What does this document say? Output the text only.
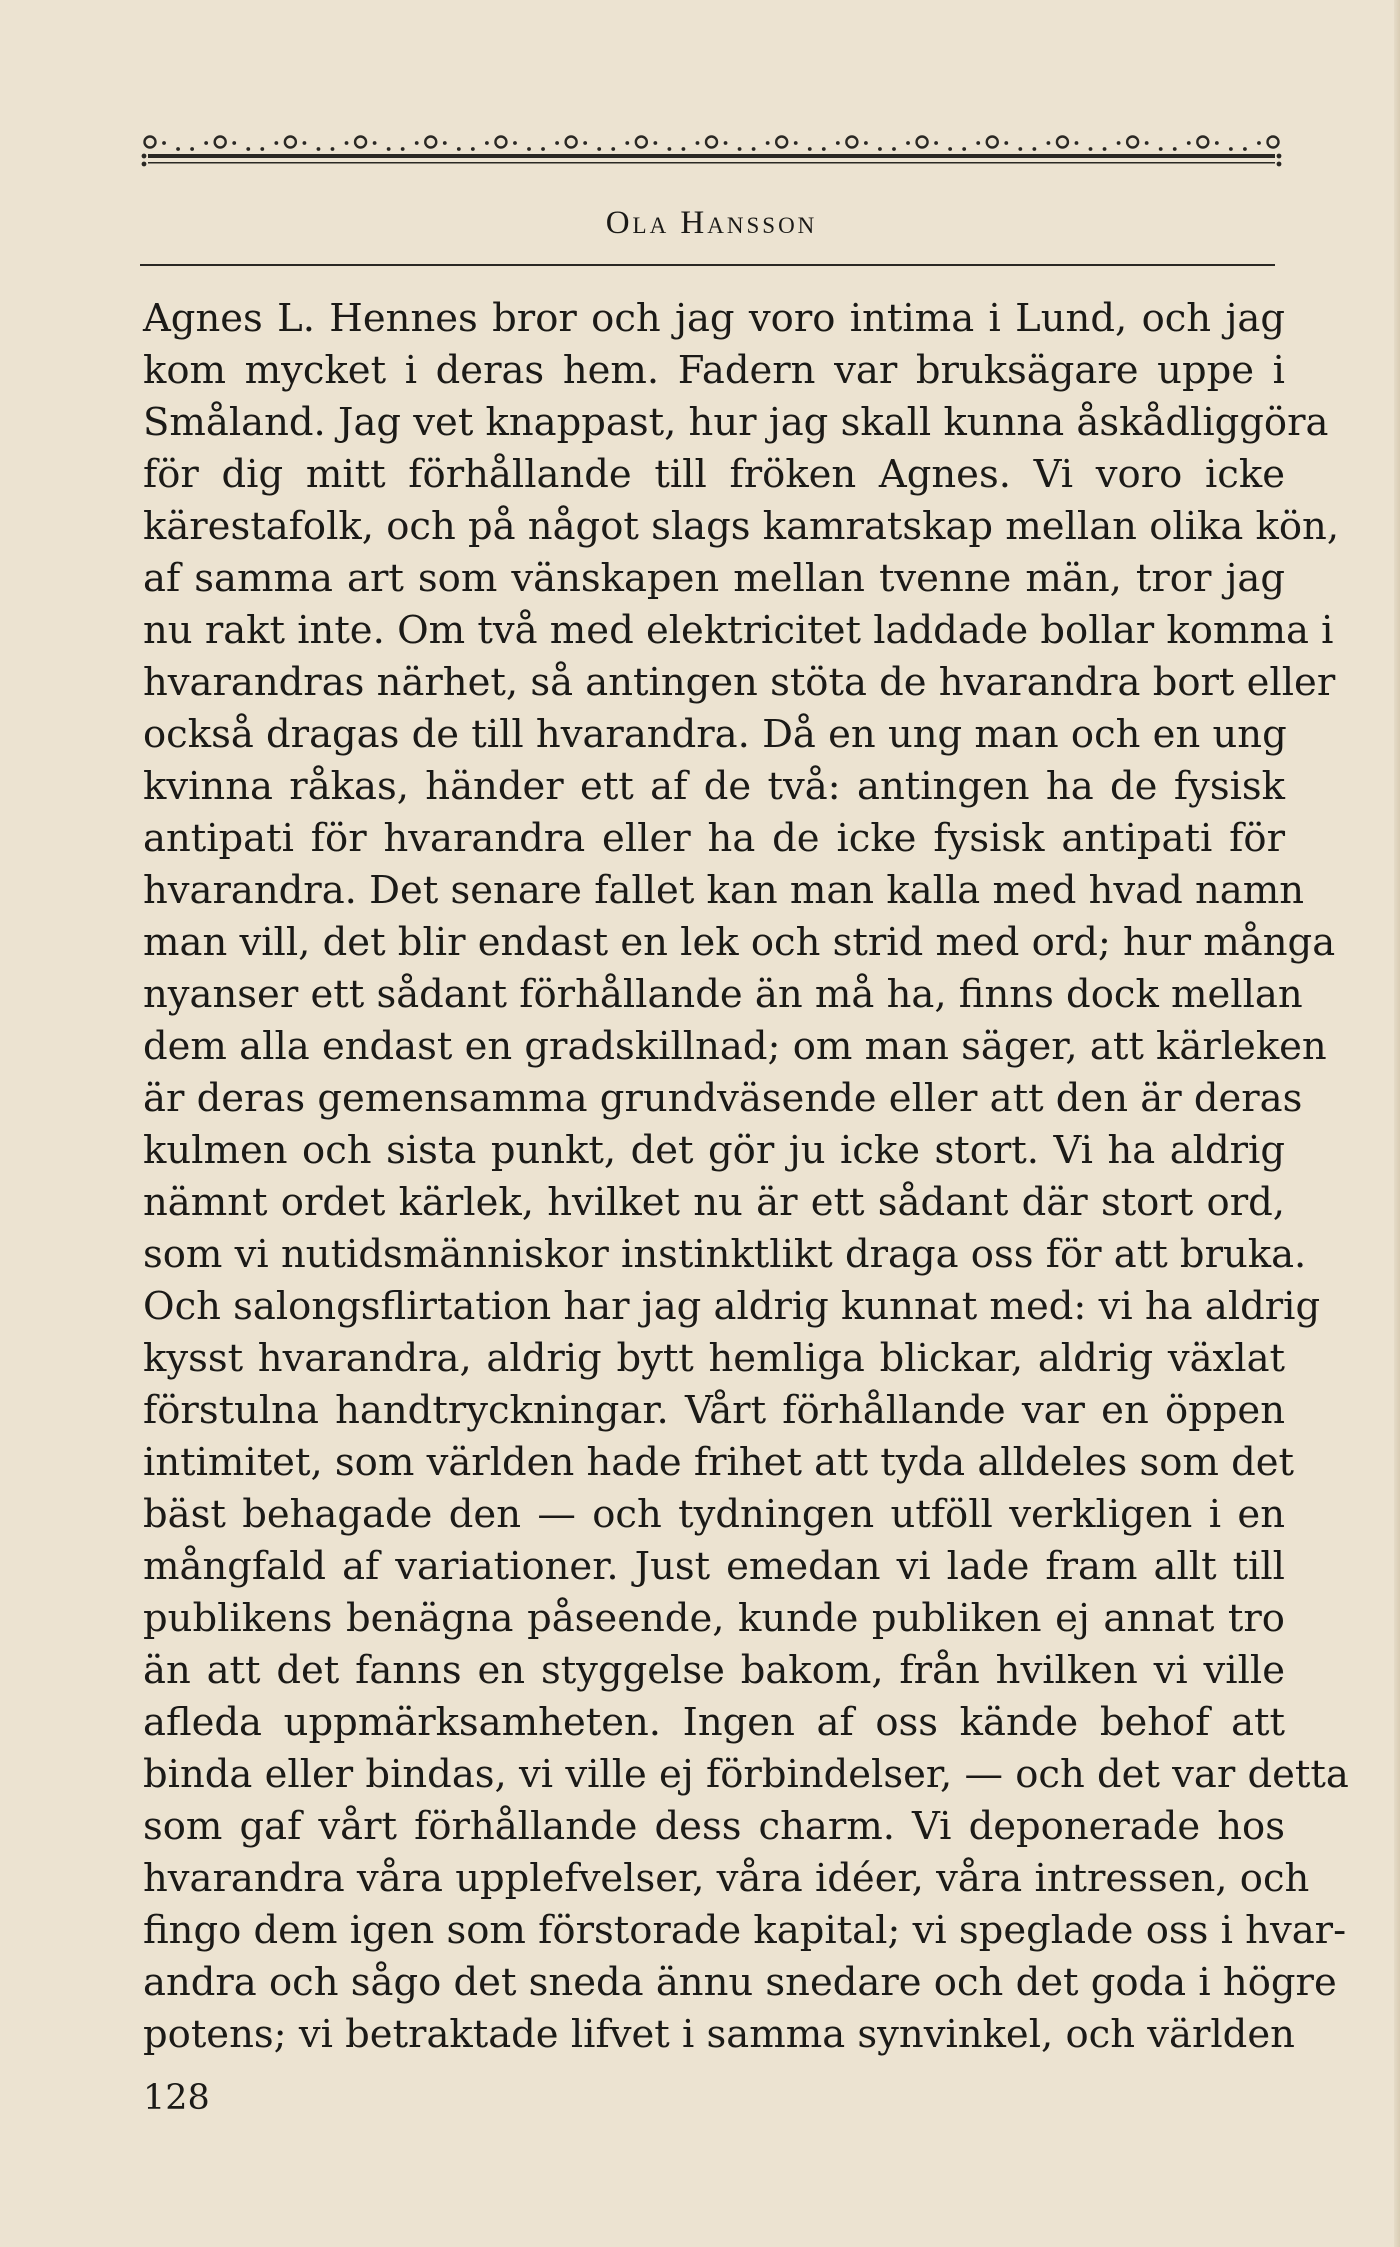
Ola Hansson
Agnes L. Hennes bror och jag voro intima i Lund, och jag
kom mycket i deras hem. Fadern var bruksägare uppe i
Småland. Jag vet knappast, hur jag skall kunna åskådliggöra
för dig mitt förhållande till fröken Agnes. Vi voro icke
kärestafolk, och på något slags kamratskap mellan olika kön,
af samma art som vänskapen mellan tvenne män, tror jag
nu rakt inte. Om två med elektricitet laddade bollar komma i
hvarandras närhet, så antingen stöta de hvarandra bort eller
också dragas de till hvarandra. Då en ung man och en ung
kvinna råkas, händer ett af de två: antingen ha de fysisk
antipati för hvarandra eller ha de icke fysisk antipati för
hvarandra. Det senare fallet kan man kalla med hvad namn
man vill, det blir endast en lek och strid med ord; hur många
nyanser ett sådant förhållande än må ha, finns dock mellan
dem alla endast en gradskillnad; om man säger, att kärleken
är deras gemensamma grundväsende eller att den är deras
kulmen och sista punkt, det gör ju icke stort. Vi ha aldrig
nämnt ordet kärlek, hvilket nu är ett sådant där stort ord,
som vi nutidsmänniskor instinktlikt draga oss för att bruka.
Och salongsflirtation har jag aldrig kunnat med: vi ha aldrig
kysst hvarandra, aldrig bytt hemliga blickar, aldrig växlat
förstulna handtryckningar. Vårt förhållande var en öppen
intimitet, som världen hade frihet att tyda alldeles som det
bäst behagade den — och tydningen utföll verkligen i en
mångfald af variationer. Just emedan vi lade fram allt till
publikens benägna påseende, kunde publiken ej annat tro
än att det fanns en styggelse bakom, från hvilken vi ville
afleda uppmärksamheten. Ingen af oss kände behof att
binda eller bindas, vi ville ej förbindelser, — och det var detta
som gaf vårt förhållande dess charm. Vi deponerade hos
hvarandra våra upplefvelser, våra idéer, våra intressen, och
fingo dem igen som förstorade kapital; vi speglade oss i hvar-
andra och sågo det sneda ännu snedare och det goda i högre
potens; vi betraktade lifvet i samma synvinkel, och världen
128
